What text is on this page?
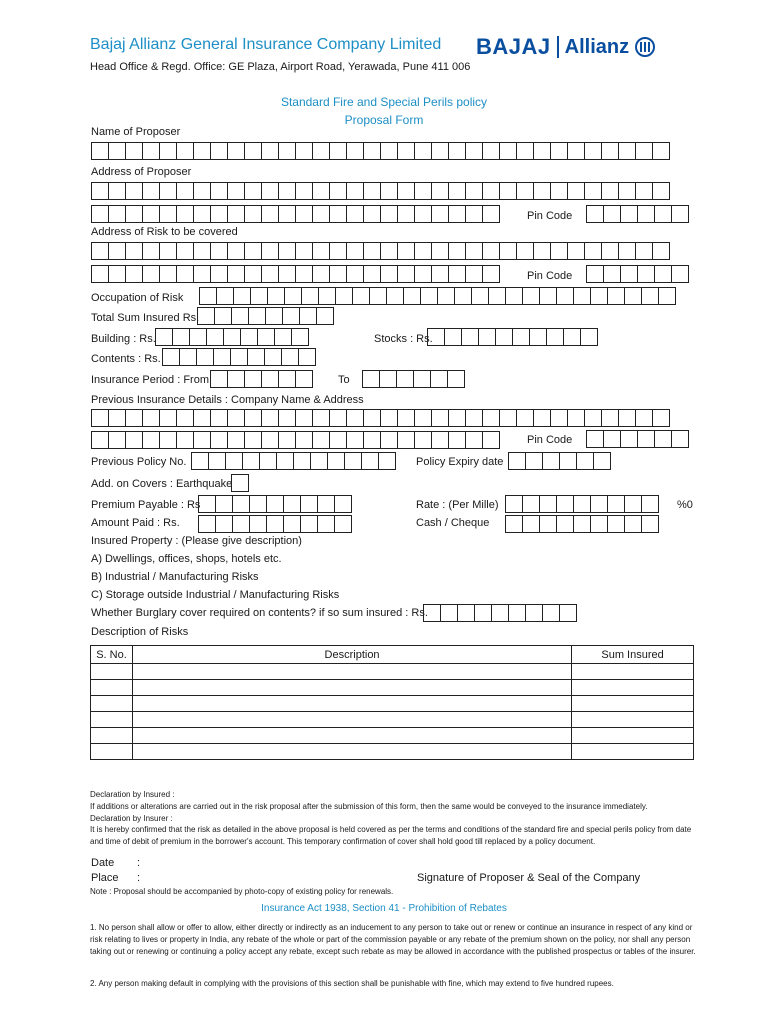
Bajaj Allianz General Insurance Company Limited
Head Office & Regd. Office: GE Plaza, Airport Road, Yerawada, Pune 411 006
BAJAJ Allianz
Standard Fire and Special Perils policy
Proposal Form
Name of Proposer
Address of Proposer
Pin Code
Address of Risk to be covered
Pin Code
Occupation of Risk
Total Sum Insured Rs.
Building : Rs.	Stocks : Rs.
Contents : Rs.
Insurance Period : From	To
Previous Insurance Details : Company Name & Address
Pin Code
Previous Policy No.	Policy Expiry date
Add. on Covers : Earthquake
Premium Payable : Rs	Rate : (Per Mille)	%0
Amount Paid : Rs.	Cash / Cheque
Insured Property : (Please give description)
A) Dwellings, offices, shops, hotels etc.
B) Industrial / Manufacturing Risks
C) Storage outside Industrial / Manufacturing Risks
Whether Burglary cover required on contents? if so sum insured : Rs.
Description of Risks
S. No.	Description	Sum Insured

Declaration by Insured :
If additions or alterations are carried out in the risk proposal after the submission of this form, then the same would be conveyed to the insurance immediately.
Declaration by Insurer :
It is hereby confirmed that the risk as detailed in the above proposal is held covered as per the terms and conditions of the standard fire and special perils policy from date and time of debit of premium in the borrower's account. This temporary confirmation of cover shall hold good till replaced by a policy document.
Date :
Place :	Signature of Proposer & Seal of the Company
Note : Proposal should be accompanied by photo-copy of existing policy for renewals.
Insurance Act 1938, Section 41 - Prohibition of Rebates
1. No person shall allow or offer to allow, either directly or indirectly as an inducement to any person to take out or renew or continue an insurance in respect of any kind or risk relating to lives or property in India, any rebate of the whole or part of the commission payable or any rebate of the premium shown on the policy, nor shall any person taking out or renewing or continuing a policy accept any rebate, except such rebate as may be allowed in accordance with the published prospectus or tables of the insurer.
2. Any person making default in complying with the provisions of this section shall be punishable with fine, which may extend to five hundred rupees.
